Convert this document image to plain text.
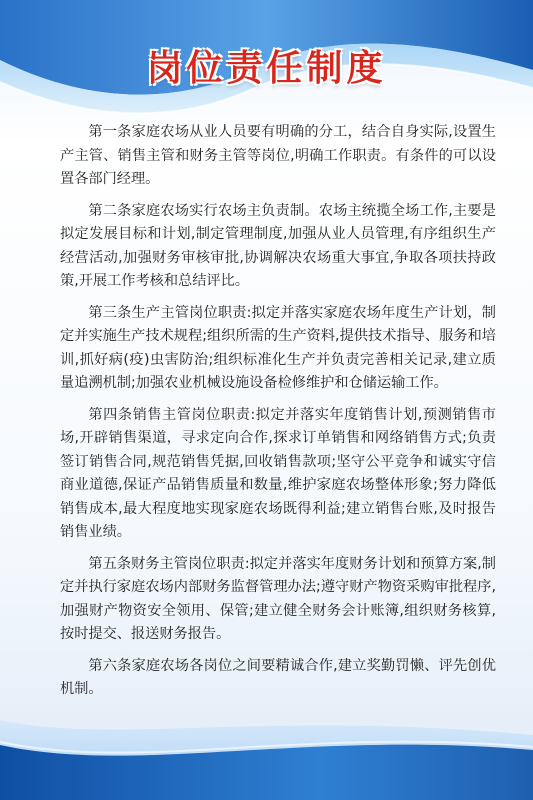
岗位责任制度

第一条家庭农场从业人员要有明确的分工，结合自身实际,设置生产主管、销售主管和财务主管等岗位,明确工作职责。有条件的可以设置各部门经理。

第二条家庭农场实行农场主负责制。农场主统揽全场工作,主要是拟定发展目标和计划,制定管理制度,加强从业人员管理,有序组织生产经营活动,加强财务审核审批,协调解决农场重大事宜,争取各项扶持政策,开展工作考核和总结评比。

第三条生产主管岗位职责:拟定并落实家庭农场年度生产计划，制定并实施生产技术规程;组织所需的生产资料,提供技术指导、服务和培训,抓好病(疫)虫害防治;组织标准化生产并负责完善相关记录,建立质量追溯机制;加强农业机械设施设备检修维护和仓储运输工作。

第四条销售主管岗位职责:拟定并落实年度销售计划,预测销售市场,开辟销售渠道，寻求定向合作,探求订单销售和网络销售方式;负责签订销售合同,规范销售凭据,回收销售款项;坚守公平竞争和诚实守信商业道德,保证产品销售质量和数量,维护家庭农场整体形象;努力降低销售成本,最大程度地实现家庭农场既得利益;建立销售台账,及时报告销售业绩。

第五条财务主管岗位职责:拟定并落实年度财务计划和预算方案,制定并执行家庭农场内部财务监督管理办法;遵守财产物资采购审批程序,加强财产物资安全领用、保管;建立健全财务会计账簿,组织财务核算,按时提交、报送财务报告。

第六条家庭农场各岗位之间要精诚合作,建立奖勤罚懒、评先创优机制。
